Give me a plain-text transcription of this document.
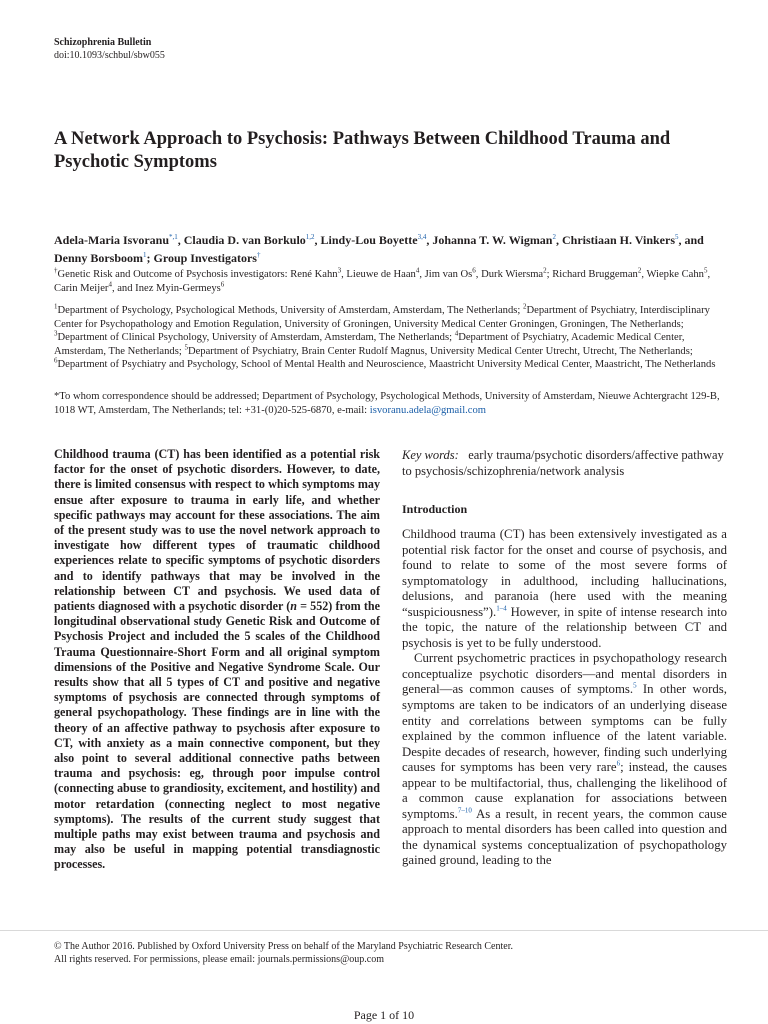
Schizophrenia Bulletin
doi:10.1093/schbul/sbw055
A Network Approach to Psychosis: Pathways Between Childhood Trauma and Psychotic Symptoms
Adela-Maria Isvoranu$^{*,1}$, Claudia D. van Borkulo$^{1,2}$, Lindy-Lou Boyette$^{3,4}$, Johanna T. W. Wigman$^2$, Christiaan H. Vinkers$^5$, and Denny Borsboom$^1$; Group Investigators†
†Genetic Risk and Outcome of Psychosis investigators: René Kahn$^3$, Lieuwe de Haan$^4$, Jim van Os$^6$, Durk Wiersma$^2$; Richard Bruggeman$^2$, Wiepke Cahn$^5$, Carin Meijer$^4$, and Inez Myin-Germeys$^6$
$^1$Department of Psychology, Psychological Methods, University of Amsterdam, Amsterdam, The Netherlands; $^2$Department of Psychiatry, Interdisciplinary Center for Psychopathology and Emotion Regulation, University of Groningen, University Medical Center Groningen, Groningen, The Netherlands; $^3$Department of Clinical Psychology, University of Amsterdam, Amsterdam, The Netherlands; $^4$Department of Psychiatry, Academic Medical Center, Amsterdam, The Netherlands; $^5$Department of Psychiatry, Brain Center Rudolf Magnus, University Medical Center Utrecht, Utrecht, The Netherlands; $^6$Department of Psychiatry and Psychology, School of Mental Health and Neuroscience, Maastricht University Medical Center, Maastricht, The Netherlands
*To whom correspondence should be addressed; Department of Psychology, Psychological Methods, University of Amsterdam, Nieuwe Achtergracht 129-B, 1018 WT, Amsterdam, The Netherlands; tel: +31-(0)20-525-6870, e-mail: isvoranu.adela@gmail.com
Childhood trauma (CT) has been identified as a potential risk factor for the onset of psychotic disorders. However, to date, there is limited consensus with respect to which symptoms may ensue after exposure to trauma in early life, and whether specific pathways may account for these associations. The aim of the present study was to use the novel network approach to investigate how different types of traumatic childhood experiences relate to specific symptoms of psychotic disorders and to identify pathways that may be involved in the relationship between CT and psychosis. We used data of patients diagnosed with a psychotic disorder (n = 552) from the longitudinal observational study Genetic Risk and Outcome of Psychosis Project and included the 5 scales of the Childhood Trauma Questionnaire-Short Form and all original symptom dimensions of the Positive and Negative Syndrome Scale. Our results show that all 5 types of CT and positive and negative symptoms of psychosis are connected through symptoms of general psychopathology. These findings are in line with the theory of an affective pathway to psychosis after exposure to CT, with anxiety as a main connective component, but they also point to several additional connective paths between trauma and psychosis: eg, through poor impulse control (connecting abuse to grandiosity, excitement, and hostility) and motor retardation (connecting neglect to most negative symptoms). The results of the current study suggest that multiple paths may exist between trauma and psychosis and may also be useful in mapping potential transdiagnostic processes.
Key words: early trauma/psychotic disorders/affective pathway to psychosis/schizophrenia/network analysis
Introduction

Childhood trauma (CT) has been extensively investigated as a potential risk factor for the onset and course of psychosis, and found to relate to some of the most severe forms of symptomatology in adulthood, including hallucinations, delusions, and paranoia (here used with the meaning “suspiciousness”).$^{1-4}$ However, in spite of intense research into the topic, the nature of the relationship between CT and psychosis is yet to be fully understood.

Current psychometric practices in psychopathology research conceptualize psychotic disorders—and mental disorders in general—as common causes of symptoms.$^5$ In other words, symptoms are taken to be indicators of an underlying disease entity and correlations between symptoms can be fully explained by the common influence of the latent variable. Despite decades of research, however, finding such underlying causes for symptoms has been very rare$^6$; instead, the causes appear to be multifactorial, thus, challenging the likelihood of a common cause explanation for associations between symptoms.$^{7-10}$ As a result, in recent years, the common cause approach to mental disorders has been called into question and the dynamical systems conceptualization of psychopathology gained ground, leading to the

© The Author 2016. Published by Oxford University Press on behalf of the Maryland Psychiatric Research Center.
All rights reserved. For permissions, please email: journals.permissions@oup.com
Page 1 of 10
